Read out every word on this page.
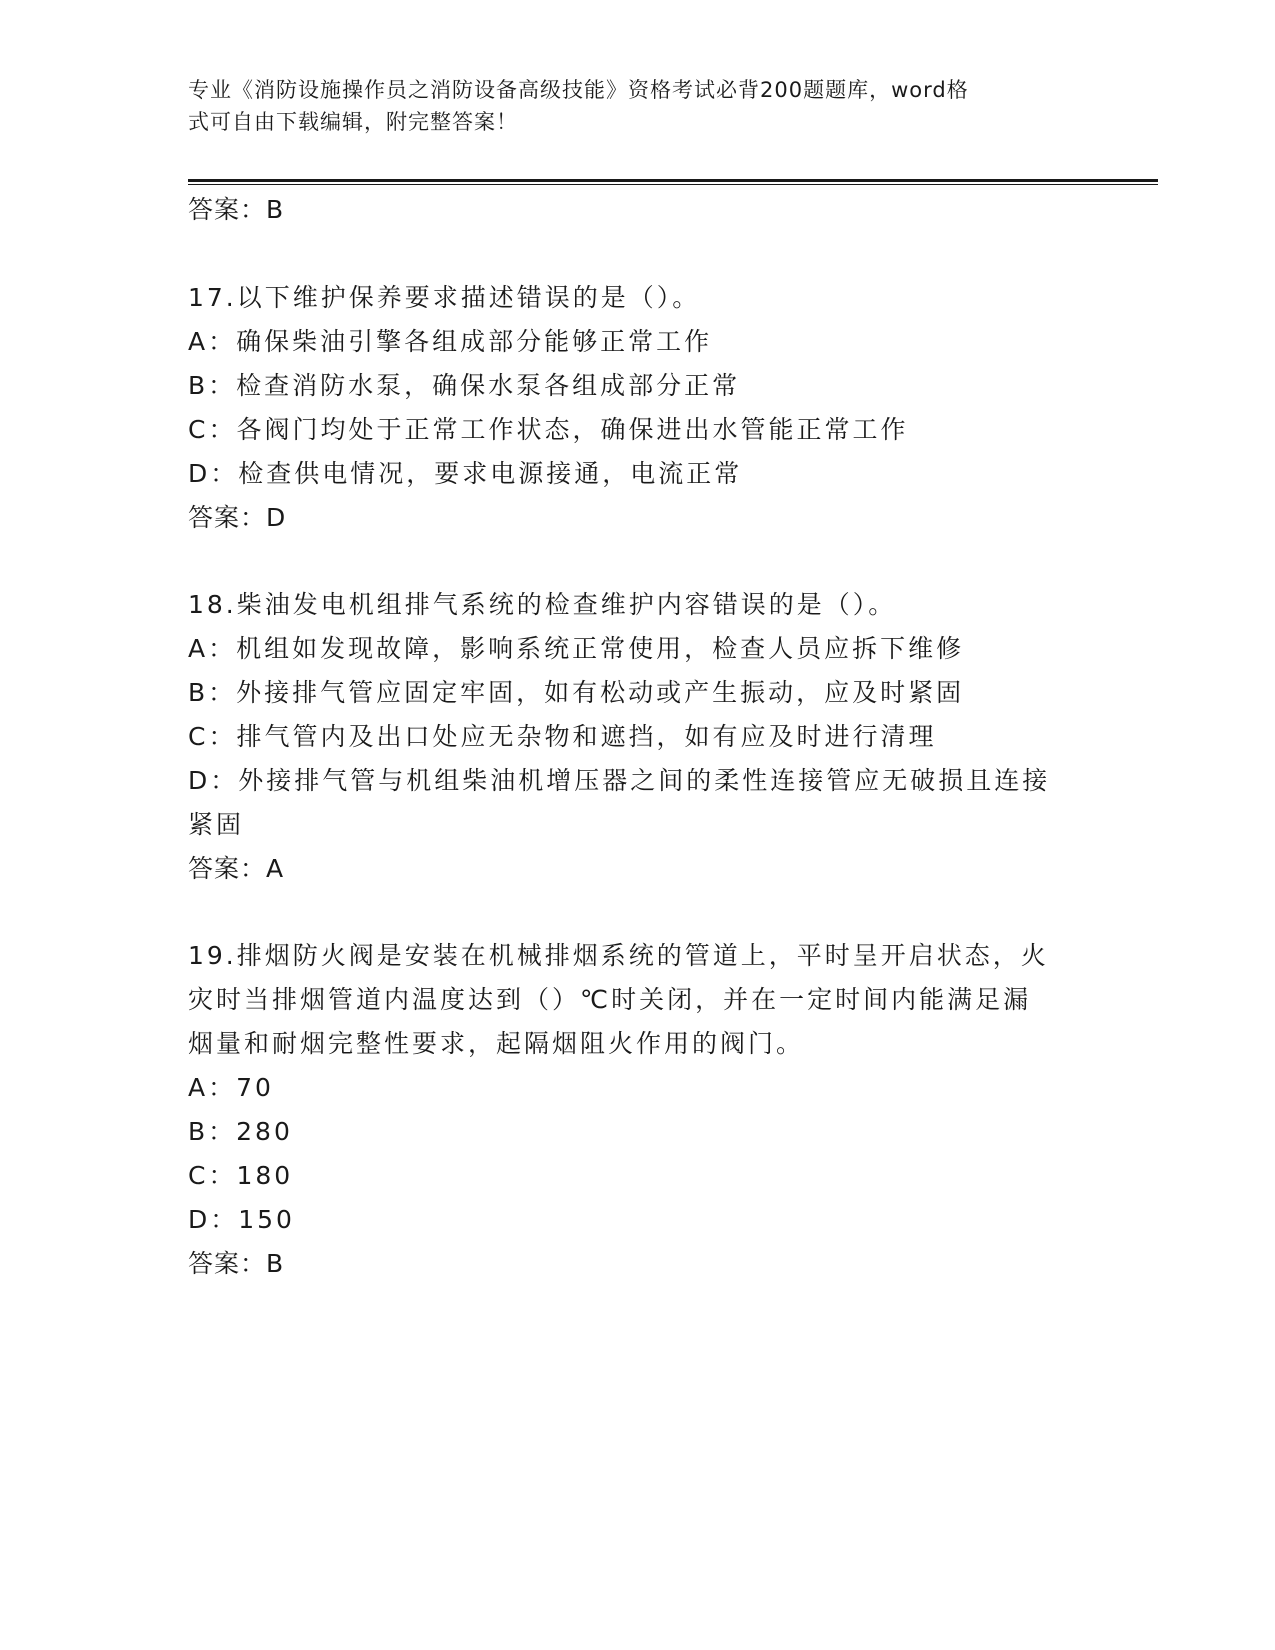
专业《消防设施操作员之消防设备高级技能》资格考试必背200题题库，word格
式可自由下载编辑，附完整答案！
答案：B
17.以下维护保养要求描述错误的是（）。
A：确保柴油引擎各组成部分能够正常工作
B：检查消防水泵，确保水泵各组成部分正常
C：各阀门均处于正常工作状态，确保进出水管能正常工作
D：检查供电情况，要求电源接通，电流正常
答案：D
18.柴油发电机组排气系统的检查维护内容错误的是（）。
A：机组如发现故障，影响系统正常使用，检查人员应拆下维修
B：外接排气管应固定牢固，如有松动或产生振动，应及时紧固
C：排气管内及出口处应无杂物和遮挡，如有应及时进行清理
D：外接排气管与机组柴油机增压器之间的柔性连接管应无破损且连接
紧固
答案：A
19.排烟防火阀是安装在机械排烟系统的管道上，平时呈开启状态，火
灾时当排烟管道内温度达到（）℃时关闭，并在一定时间内能满足漏
烟量和耐烟完整性要求，起隔烟阻火作用的阀门。
A：70
B：280
C：180
D：150
答案：B
